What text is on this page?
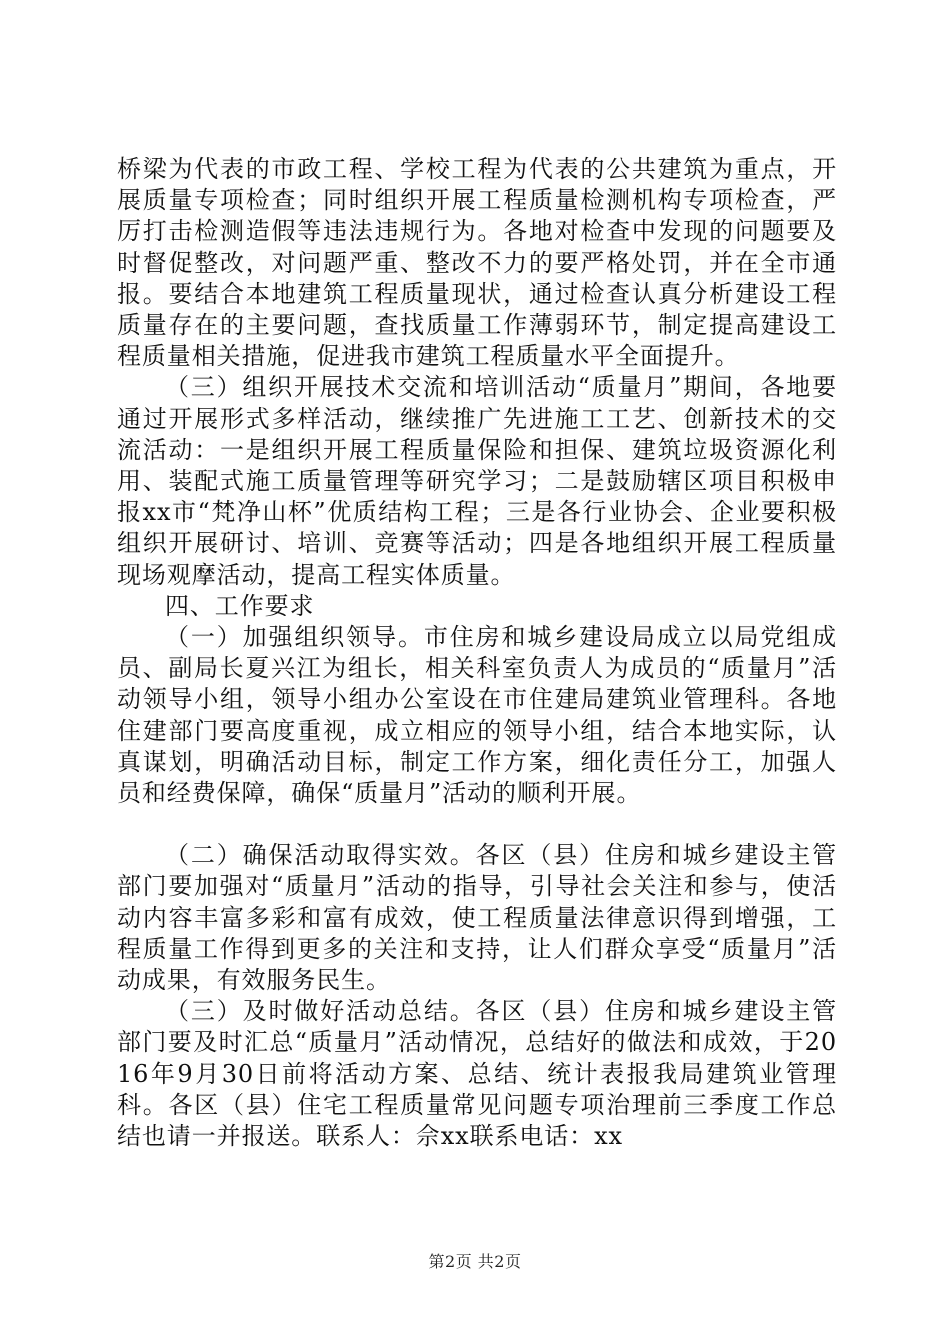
桥梁为代表的市政工程、学校工程为代表的公共建筑为重点，开展质量专项检查；同时组织开展工程质量检测机构专项检查，严厉打击检测造假等违法违规行为。各地对检查中发现的问题要及时督促整改，对问题严重、整改不力的要严格处罚，并在全市通报。要结合本地建筑工程质量现状，通过检查认真分析建设工程质量存在的主要问题，查找质量工作薄弱环节，制定提高建设工程质量相关措施，促进我市建筑工程质量水平全面提升。

（三）组织开展技术交流和培训活动“质量月”期间，各地要通过开展形式多样活动，继续推广先进施工工艺、创新技术的交流活动：一是组织开展工程质量保险和担保、建筑垃圾资源化利用、装配式施工质量管理等研究学习；二是鼓励辖区项目积极申报xx市“梵净山杯”优质结构工程；三是各行业协会、企业要积极组织开展研讨、培训、竞赛等活动；四是各地组织开展工程质量现场观摩活动，提高工程实体质量。

四、工作要求

（一）加强组织领导。市住房和城乡建设局成立以局党组成员、副局长夏兴江为组长，相关科室负责人为成员的“质量月”活动领导小组，领导小组办公室设在市住建局建筑业管理科。各地住建部门要高度重视，成立相应的领导小组，结合本地实际，认真谋划，明确活动目标，制定工作方案，细化责任分工，加强人员和经费保障，确保“质量月”活动的顺利开展。

（二）确保活动取得实效。各区（县）住房和城乡建设主管部门要加强对“质量月”活动的指导，引导社会关注和参与，使活动内容丰富多彩和富有成效，使工程质量法律意识得到增强，工程质量工作得到更多的关注和支持，让人们群众享受“质量月”活动成果，有效服务民生。

（三）及时做好活动总结。各区（县）住房和城乡建设主管部门要及时汇总“质量月”活动情况，总结好的做法和成效，于2016年9月30日前将活动方案、总结、统计表报我局建筑业管理科。各区（县）住宅工程质量常见问题专项治理前三季度工作总结也请一并报送。联系人：佘xx联系电话：xx

第2页 共2页
